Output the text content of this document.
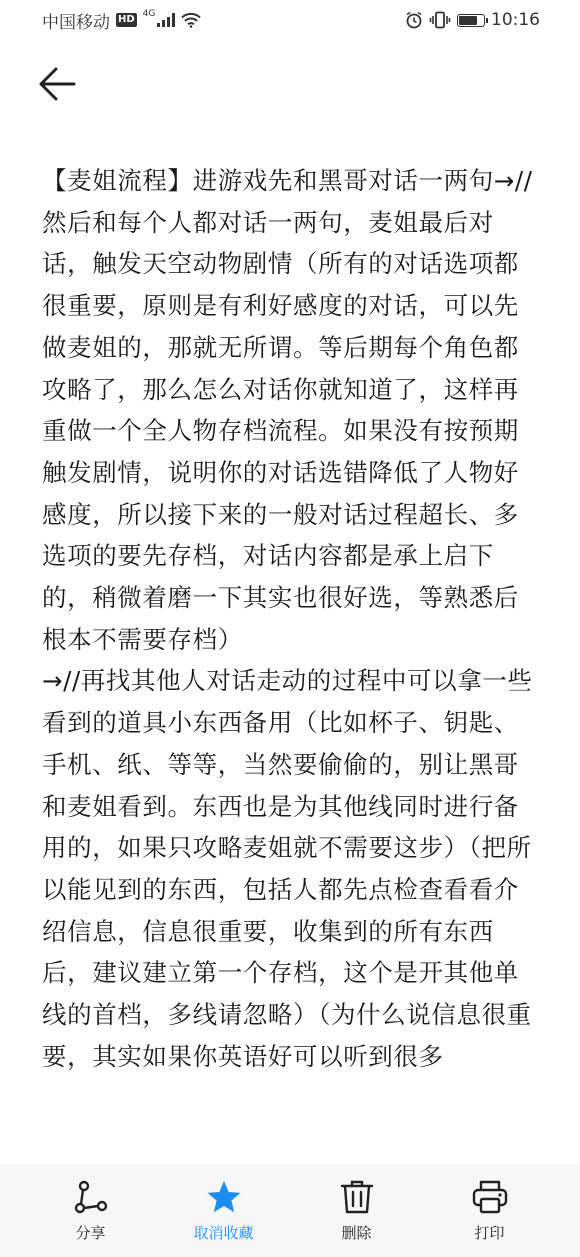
中国移动 HD 4G	10:16

【麦姐流程】进游戏先和黑哥对话一两句→//然后和每个人都对话一两句，麦姐最后对话，触发天空动物剧情（所有的对话选项都很重要，原则是有利好感度的对话，可以先做麦姐的，那就无所谓。等后期每个角色都攻略了，那么怎么对话你就知道了，这样再重做一个全人物存档流程。如果没有按预期触发剧情，说明你的对话选错降低了人物好感度，所以接下来的一般对话过程超长、多选项的要先存档，对话内容都是承上启下的，稍微着磨一下其实也很好选，等熟悉后根本不需要存档）
→//再找其他人对话走动的过程中可以拿一些看到的道具小东西备用（比如杯子、钥匙、手机、纸、等等，当然要偷偷的，别让黑哥和麦姐看到。东西也是为其他线同时进行备用的，如果只攻略麦姐就不需要这步）（把所以能见到的东西，包括人都先点检查看看介绍信息，信息很重要，收集到的所有东西后，建议建立第一个存档，这个是开其他单线的首档，多线请忽略）（为什么说信息很重要，其实如果你英语好可以听到很多

分享	取消收藏	删除	打印
